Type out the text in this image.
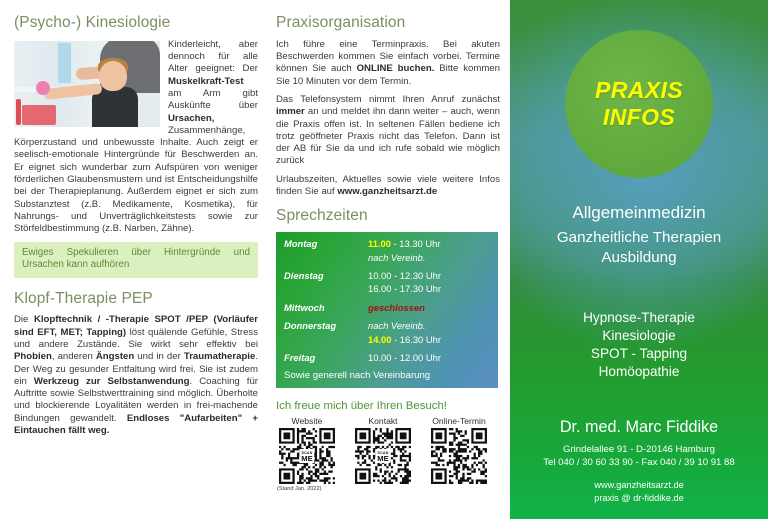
(Psycho-) Kinesiologie

Kinderleicht, aber dennoch für alle Alter geeignet: Der Muskelkraft-Test am Arm gibt Auskünfte über Ursachen, Zusammenhänge, Körperzustand und unbewusste Inhalte. Auch zeigt er seelisch-emotionale Hintergründe für Beschwerden an. Er eignet sich wunderbar zum Aufspüren von weniger förderlichen Glaubensmustern und ist Entscheidungshilfe bei der Therapieplanung. Außerdem eignet er sich zum Substanztest (z.B. Medikamente, Kosmetika), für Nahrungs- und Unverträglichkeitstests sowie zur Störfeldbestimmung (z.B. Narben, Zähne).

Ewiges Spekulieren über Hintergründe und Ursachen kann aufhören
Klopf-Therapie PEP

Die Klopftechnik / -Therapie SPOT /PEP (Vorläufer sind EFT, MET; Tapping) löst quälende Gefühle, Stress und andere Zustände. Sie wirkt sehr effektiv bei Phobien, anderen Ängsten und in der Traumatherapie. Der Weg zu gesunder Entfaltung wird frei. Sie ist zudem ein Werkzeug zur Selbstanwendung. Coaching für Auftritte sowie Selbstwerttraining sind möglich. Überholte und blockierende Loyalitäten werden in frei-machende Bindungen gewandelt. Endloses "Aufarbeiten" + Eintauchen fällt weg.

Praxisorganisation

Ich führe eine Terminpraxis. Bei akuten Beschwerden kommen Sie einfach vorbei. Termine können Sie auch ONLINE buchen. Bitte kommen Sie 10 Minuten vor dem Termin.

Das Telefonsystem nimmt Ihren Anruf zunächst immer an und meldet ihn dann weiter – auch, wenn die Praxis offen ist. In seltenen Fällen bediene ich trotz geöffneter Praxis nicht das Telefon. Dann ist der AB für Sie da und ich rufe sobald wie möglich zurück

Urlaubszeiten, Aktuelles sowie viele weitere Infos finden Sie auf www.ganzheitsarzt.de

Sprechzeiten
Montag	11.00 - 13.30 Uhr
	nach Vereinb.

Dienstag	10.00 - 12.30 Uhr
	16.00 - 17.30 Uhr

Mittwoch	geschlossen

Donnerstag	nach Vereinb.
	14.00 - 16.30 Uhr

Freitag	10.00 - 12.00 Uhr
Sowie generell nach Vereinbarung
Ich freue mich über Ihren Besuch!
Website
SCAN
ME
Kontakt
SCAN
ME
Online-Termin
(Stand Jan. 2022)
PRAXIS
INFOS
Allgemeinmedizin
Ganzheitliche Therapien
Ausbildung
Hypnose-Therapie
Kinesiologie
SPOT - Tapping
Homöopathie
Dr. med. Marc Fiddike
Grindelallee 91 - D-20146 Hamburg
Tel 040 / 30 60 33 90 - Fax 040 / 39 10 91 88
www.ganzheitsarzt.de
praxis @ dr-fiddike.de
